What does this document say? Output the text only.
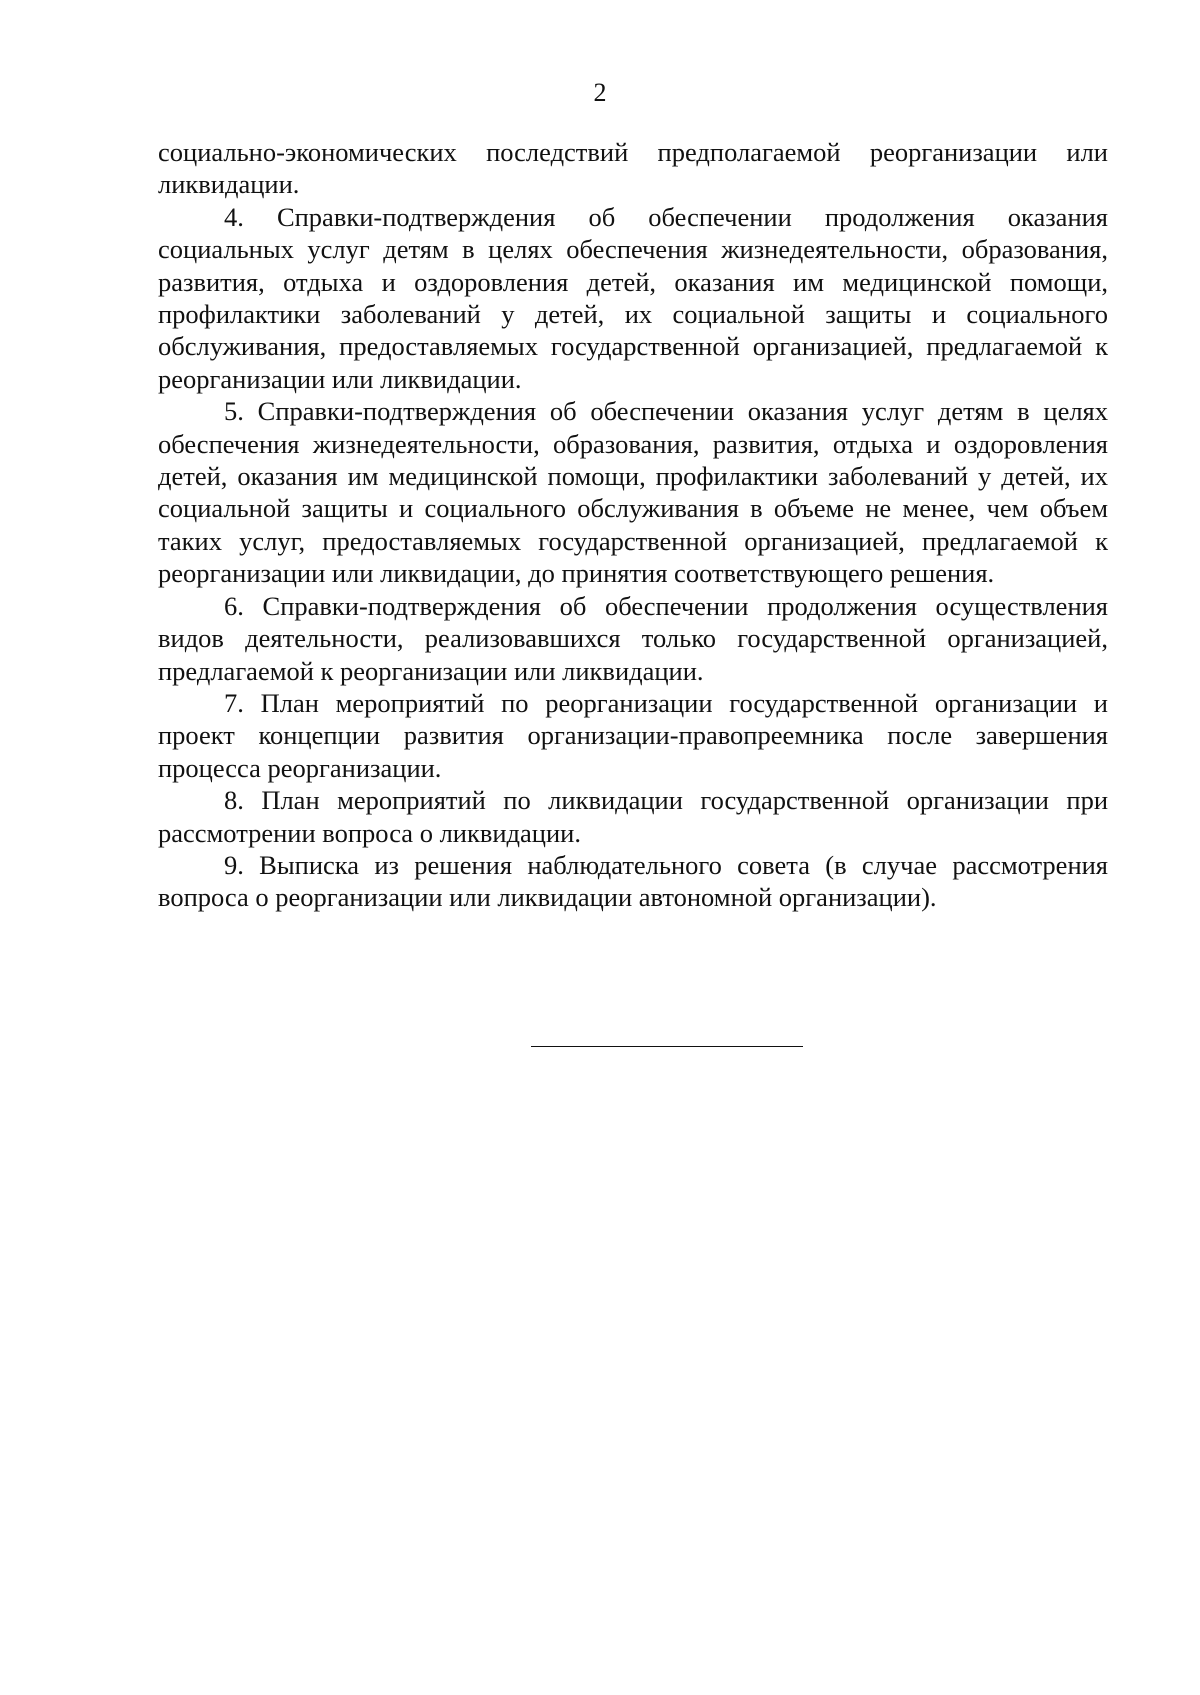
2

социально-экономических последствий предполагаемой реорганизации или ликвидации.

4. Справки-подтверждения об обеспечении продолжения оказания социальных услуг детям в целях обеспечения жизнедеятельности, образования, развития, отдыха и оздоровления детей, оказания им медицинской помощи, профилактики заболеваний у детей, их социальной защиты и социального обслуживания, предоставляемых государственной организацией, предлагаемой к реорганизации или ликвидации.

5. Справки-подтверждения об обеспечении оказания услуг детям в целях обеспечения жизнедеятельности, образования, развития, отдыха и оздоровления детей, оказания им медицинской помощи, профилактики заболеваний у детей, их социальной защиты и социального обслуживания в объеме не менее, чем объем таких услуг, предоставляемых государственной организацией, предлагаемой к реорганизации или ликвидации, до принятия соответствующего решения.

6. Справки-подтверждения об обеспечении продолжения осуществления видов деятельности, реализовавшихся только государственной организацией, предлагаемой к реорганизации или ликвидации.

7. План мероприятий по реорганизации государственной организации и проект концепции развития организации-правопреемника после завершения процесса реорганизации.

8. План мероприятий по ликвидации государственной организации при рассмотрении вопроса о ликвидации.

9. Выписка из решения наблюдательного совета (в случае рассмотрения вопроса о реорганизации или ликвидации автономной организации).
